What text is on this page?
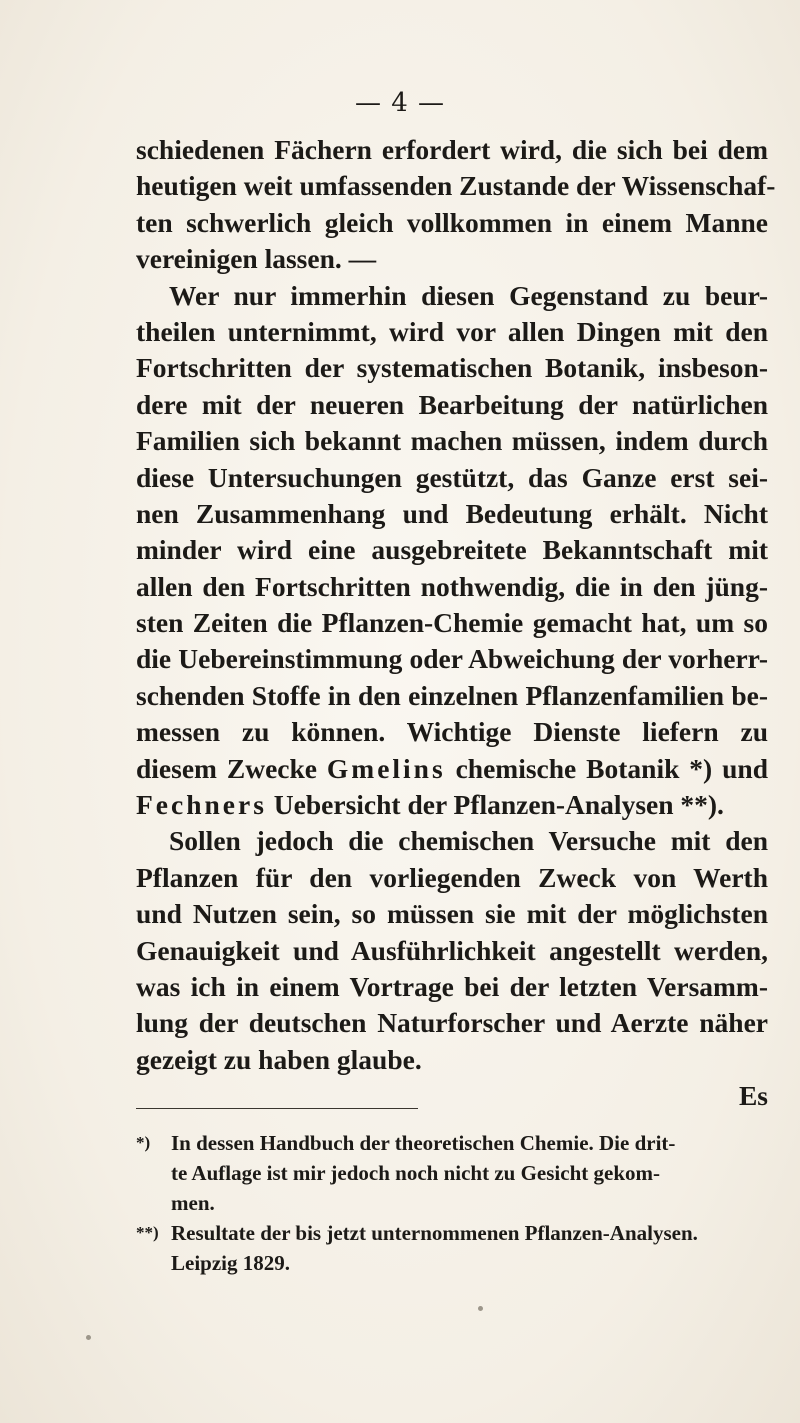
— 4 —
schiedenen Fächern erfordert wird, die sich bei dem
heutigen weit umfassenden Zustande der Wissenschaf-
ten schwerlich gleich vollkommen in einem Manne
vereinigen lassen. —
Wer nur immerhin diesen Gegenstand zu beur-
theilen unternimmt, wird vor allen Dingen mit den
Fortschritten der systematischen Botanik, insbeson-
dere mit der neueren Bearbeitung der natürlichen
Familien sich bekannt machen müssen, indem durch
diese Untersuchungen gestützt, das Ganze erst sei-
nen Zusammenhang und Bedeutung erhält. Nicht
minder wird eine ausgebreitete Bekanntschaft mit
allen den Fortschritten nothwendig, die in den jüng-
sten Zeiten die Pflanzen-Chemie gemacht hat, um so
die Uebereinstimmung oder Abweichung der vorherr-
schenden Stoffe in den einzelnen Pflanzenfamilien be-
messen zu können. Wichtige Dienste liefern zu
diesem Zwecke Gmelins chemische Botanik *) und
Fechners Uebersicht der Pflanzen-Analysen **).
Sollen jedoch die chemischen Versuche mit den
Pflanzen für den vorliegenden Zweck von Werth
und Nutzen sein, so müssen sie mit der möglichsten
Genauigkeit und Ausführlichkeit angestellt werden,
was ich in einem Vortrage bei der letzten Versamm-
lung der deutschen Naturforscher und Aerzte näher
gezeigt zu haben glaube.
Es
*) In dessen Handbuch der theoretischen Chemie. Die drit-
te Auflage ist mir jedoch noch nicht zu Gesicht gekom-
men.
**) Resultate der bis jetzt unternommenen Pflanzen-Analysen.
Leipzig 1829.
